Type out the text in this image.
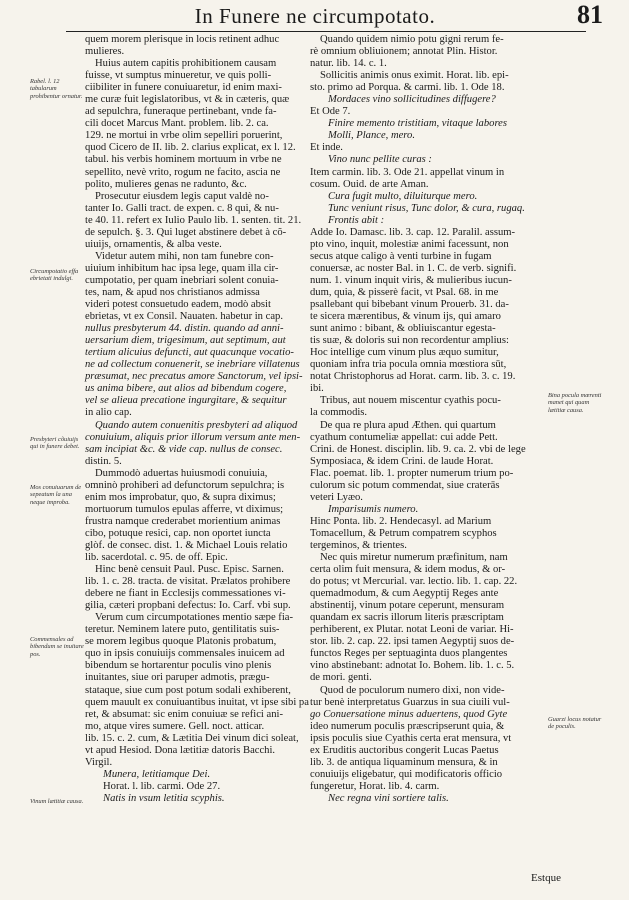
In Funere ne circumpotato.	81

quem morem plerisque in locis retinent adhuc

mulieres.

Huius autem capitis prohibitionem causam

fuisse, vt sumptus minueretur, ve quis polli-

ciibiliter in funere conuiuaretur, id enim maxi-

me curæ fuit legislatoribus, vt & in cæteris, quæ

ad sepulchra, funeraque pertinebant, vnde fa-

cili docet Marcus Mant. problem. lib. 2. ca.

129. ne mortui in vrbe olim sepelliri poruerint,

quod Cicero de II. lib. 2. clarius explicat, ex l. 12.

tabul. his verbis hominem mortuum in vrbe ne

sepellito, nevè vrito, rogum ne facito, ascia ne

polito, mulieres genas ne radunto, &c.

Prosecutur eiusdem legis caput valdè no-

tanter Io. Galli tract. de expen. c. 8 qui, & nu-

te 40. 11. refert ex Iulio Paulo lib. 1. senten. tit. 21.

de sepulch. §. 3. Qui luget abstinere debet à cõ-

uiuijs, ornamentis, & alba veste.

Videtur autem mihi, non tam funebre con-

uiuium inhibitum hac ipsa lege, quam illa cir-

cumpotatio, per quam inebriari solent conuia-

tes, nam, & apud nos christianos admissa

videri potest consuetudo eadem, modò absit

ebrietas, vt ex Consil. Nauaten. habetur in cap.

nullus presbyterum 44. distin. quando ad anni-

uersarium diem, trigesimum, aut septimum, aut

tertium alicuius defuncti, aut quacunque vocatio-

ne ad collectum conuenerit, se inebriare villatenus

præsumat, nec precatus amore Sanctorum, vel ipsi-

us anima bibere, aut alios ad bibendum cogere,

vel se alieua precatione ingurgitare, & sequitur

in alio cap.

Quando autem conuenitis presbyteri ad aliquod

conuiuium, aliquis prior illorum versum ante men-

sam incipiat &c. & vide cap. nullus de consec.

distin. 5.

Dummodò aduertas huiusmodi conuiuia,

omninò prohiberi ad defunctorum sepulchra; is

enim mos improbatur, quo, & supra diximus;

mortuorum tumulos epulas afferre, vt diximus;

frustra namque crederabet morientium animas

cibo, potuque resici, cap. non oportet iuncta

glòf. de consec. dist. 1. & Michael Louis relatio

lib. sacerdotal. c. 95. de off. Epic.

Hinc benè censuit Paul. Pusc. Episc. Sarnen.

lib. 1. c. 28. tracta. de visitat. Prælatos prohibere

debere ne fiant in Ecclesijs commessationes vi-

gilia, cæteri propbani defectus: Io. Carf. vbi sup.

Verum cum circumpotationes mentio sæpe fia-

teretur. Neminem latere puto, gentilitatis suis-

se morem legibus quoque Platonis probatum,

quo in ipsis conuiuijs commensales inuicem ad

bibendum se hortarentur poculis vino plenis

inuitantes, siue ori paruper admotis, prægu-

stataque, siue cum post potum sodali exhiberent,

quem mauult ex conuiuantibus inuitat, vt ipse sibi pa

ret, & absumat: sic enim conuiuæ se refici ani-

mo, atque vires sumere. Gell. noct. atticar.

lib. 15. c. 2. cum, & Lætitia Dei vinum dici soleat,

vt apud Hesiod. Dona lætitiæ datoris Bacchi.

Virgil.

Munera, letitiamque Dei.

Horat. l. lib. carmi. Ode 27.

Natis in vsum letitia scyphis.

Quando quidem nimio potu gigni rerum fe-

rè omnium obliuionem; annotat Plin. Histor.

natur. lib. 14. c. 1.

Sollicitis animis onus eximit. Horat. lib. epi-

sto. primo ad Porqua. & carmi. lib. 1. Ode 18.

Mordaces vino sollicitudines diffugere?

Et Ode 7.

Finire memento tristitiam, vitaque labores

Molli, Plance, mero.

Et inde.

Vino nunc pellite curas :

Item carmin. lib. 3. Ode 21. appellat vinum in

cosum. Ouid. de arte Aman.

Cura fugit multo, diluiturque mero.

Tunc veniunt risus, Tunc dolor, & cura, rugaq.

Frontis abit :

Adde Io. Damasc. lib. 3. cap. 12. Paralil. assum-

pto vino, inquit, molestiæ animi facessunt, non

secus atque caligo à venti turbine in fugam

conuersæ, ac noster Bal. in 1. C. de verb. signifi.

num. 1. vinum inquit viris, & mulieribus iucun-

dum, quia, & pisserè facit, vt Psal. 68. in me

psallebant qui bibebant vinum Prouerb. 31. da-

te sicera mærentibus, & vinum ijs, qui amaro

sunt animo : bibant, & obliuiscantur egesta-

tis suæ, & doloris sui non recordentur amplius:

Hoc intellige cum vinum plus æquo sumitur,

quoniam infra tria pocula omnia mœstiora sūt,

notat Christophorus ad Horat. carm. lib. 3. c. 19.

ibi.

Tribus, aut nouem miscentur cyathis pocu-

la commodis.

De qua re plura apud Æthen. qui quartum

cyathum contumeliæ appellat: cui adde Pett.

Crini. de Honest. disciplin. lib. 9. ca. 2. vbi de lege

Symposiaca, & idem Crini. de laude Horat.

Flac. poemat. lib. 1. propter numerum trium po-

culorum sic potum commendat, siue craterās

veteri Lyæo.

Imparisumis numero.

Hinc Ponta. lib. 2. Hendecasyl. ad Marium

Tomacellum, & Petrum compatrem scyphos

tergeminos, & trientes.

Nec quis miretur numerum præfinitum, nam

certa olim fuit mensura, & idem modus, & or-

do potus; vt Mercurial. var. lectio. lib. 1. cap. 22.

quemadmodum, & cum Aegyptij Reges ante

abstinentij, vinum potare ceperunt, mensuram

quandam ex sacris illorum literis præscriptam

perhiberent, ex Plutar. notat Leoni de variar. Hi-

stor. lib. 2. cap. 22. ipsi tamen Aegyptij suos de-

functos Reges per septuaginta duos plangentes

vino abstinebant: adnotat Io. Bohem. lib. 1. c. 5.

de mori. genti.

Quod de poculorum numero dixi, non vide-

tur benè interpretatus Guarzus in sua ciuili vul-

go Conuersatione minus aduertens, quod Gyte

ideo numerum poculis præscripserunt quia, &

ipsis poculis siue Cyathis certa erat mensura, vt

ex Eruditis auctoribus congerit Lucas Paetus

lib. 3. de antiqua liquaminum mensura, & in

conuiuijs eligebatur, qui modificatoris officio

fungeretur, Horat. lib. 4. carm.

Nec regna vini sortiere talis.

Rabel. l. 12 tabularum prohibentur ornatur.
Circumpotatio effa ebrietati indulgi.
Presbyteri cõuiuijs qui in funere debet.
Mos conuiuarum de sepeatum la una neque improba.
Commensales ad bibendum se inuitare pos.
Vinum lætitiæ causa.
Bina pocula mœrenti manet qui quam lætitiæ causa.
Guarzi locus notatur de poculis.
Estque
